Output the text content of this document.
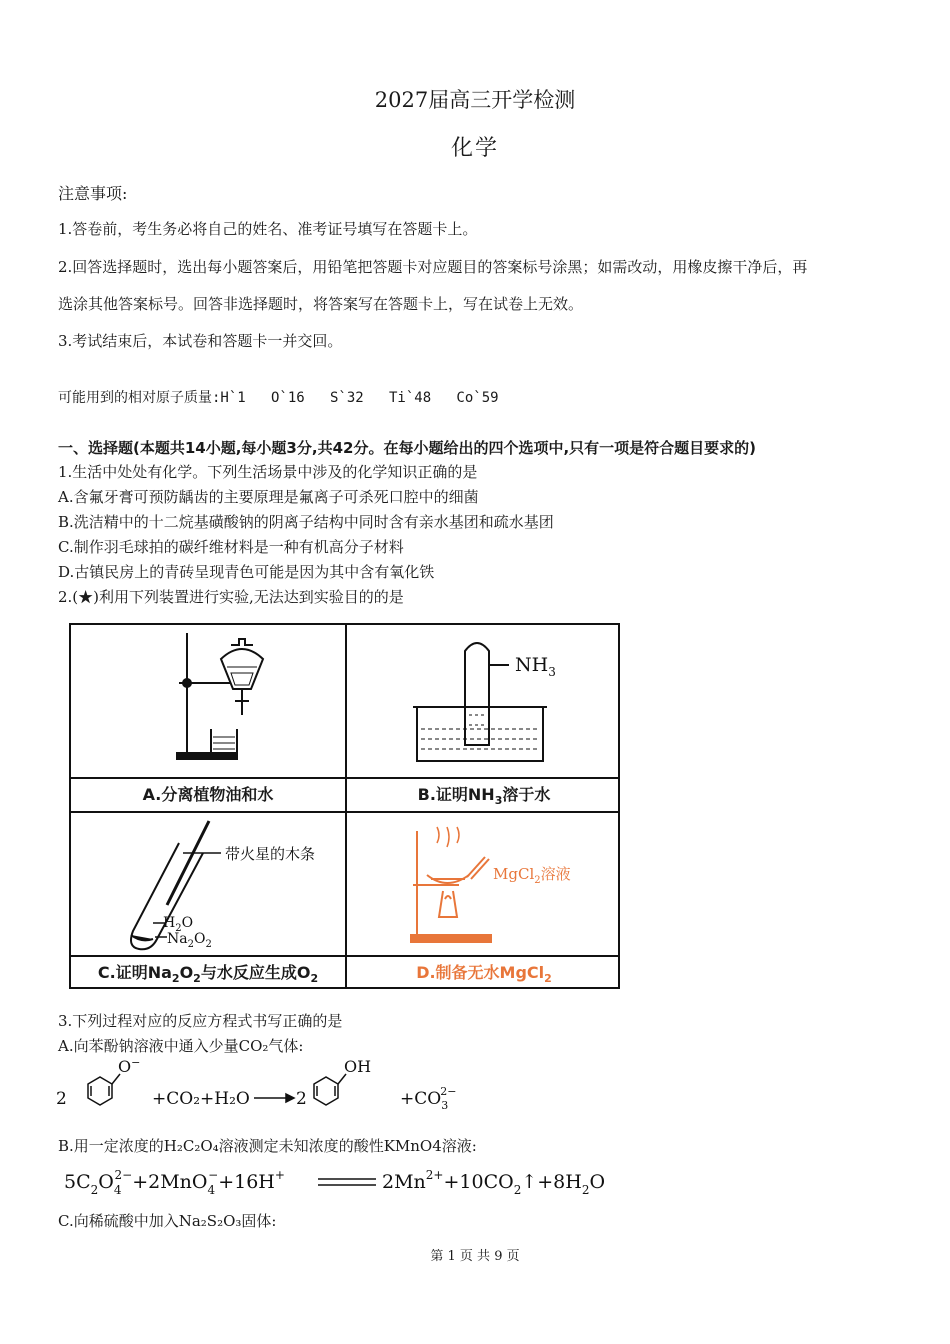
2027届高三开学检测
化学
注意事项:
1.答卷前，考生务必将自己的姓名、准考证号填写在答题卡上。
2.回答选择题时，选出每小题答案后，用铅笔把答题卡对应题目的答案标号涂黑；如需改动，用橡皮擦干净后，再
选涂其他答案标号。回答非选择题时，将答案写在答题卡上，写在试卷上无效。
3.考试结束后，本试卷和答题卡一并交回。
可能用到的相对原子质量:H`1   O`16   S`32   Ti`48   Co`59
一、选择题(本题共14小题,每小题3分,共42分。在每小题给出的四个选项中,只有一项是符合题目要求的)
1.生活中处处有化学。下列生活场景中涉及的化学知识正确的是
A.含氟牙膏可预防龋齿的主要原理是氟离子可杀死口腔中的细菌
B.洗洁精中的十二烷基磺酸钠的阴离子结构中同时含有亲水基团和疏水基团
C.制作羽毛球拍的碳纤维材料是一种有机高分子材料
D.古镇民房上的青砖呈现青色可能是因为其中含有氧化铁
2.(★)利用下列装置进行实验,无法达到实验目的的是
$NH_3$
A.分离植物油和水	B.证明$NH_3$溶于水
带火星的木条
$H_2O$
$Na_2O_2$
MgCl$_2$溶液
C.证明$Na_2O_2$与水反应生成$O_2$	D.制备无水MgCl$_2$
3.下列过程对应的反应方程式书写正确的是
A.向苯酚钠溶液中通入少量CO₂气体:
2
O−
+CO₂+H₂O	2
OH
$+CO_32-$
B.用一定浓度的H₂C₂O₄溶液测定未知浓度的酸性KMnO4溶液:
$5C_2O_42-+2MnO_4-+16H^+$	$2Mn^{2+}+10CO_2↑+8H_2O$
C.向稀硫酸中加入Na₂S₂O₃固体:
第 1 页 共 9 页
